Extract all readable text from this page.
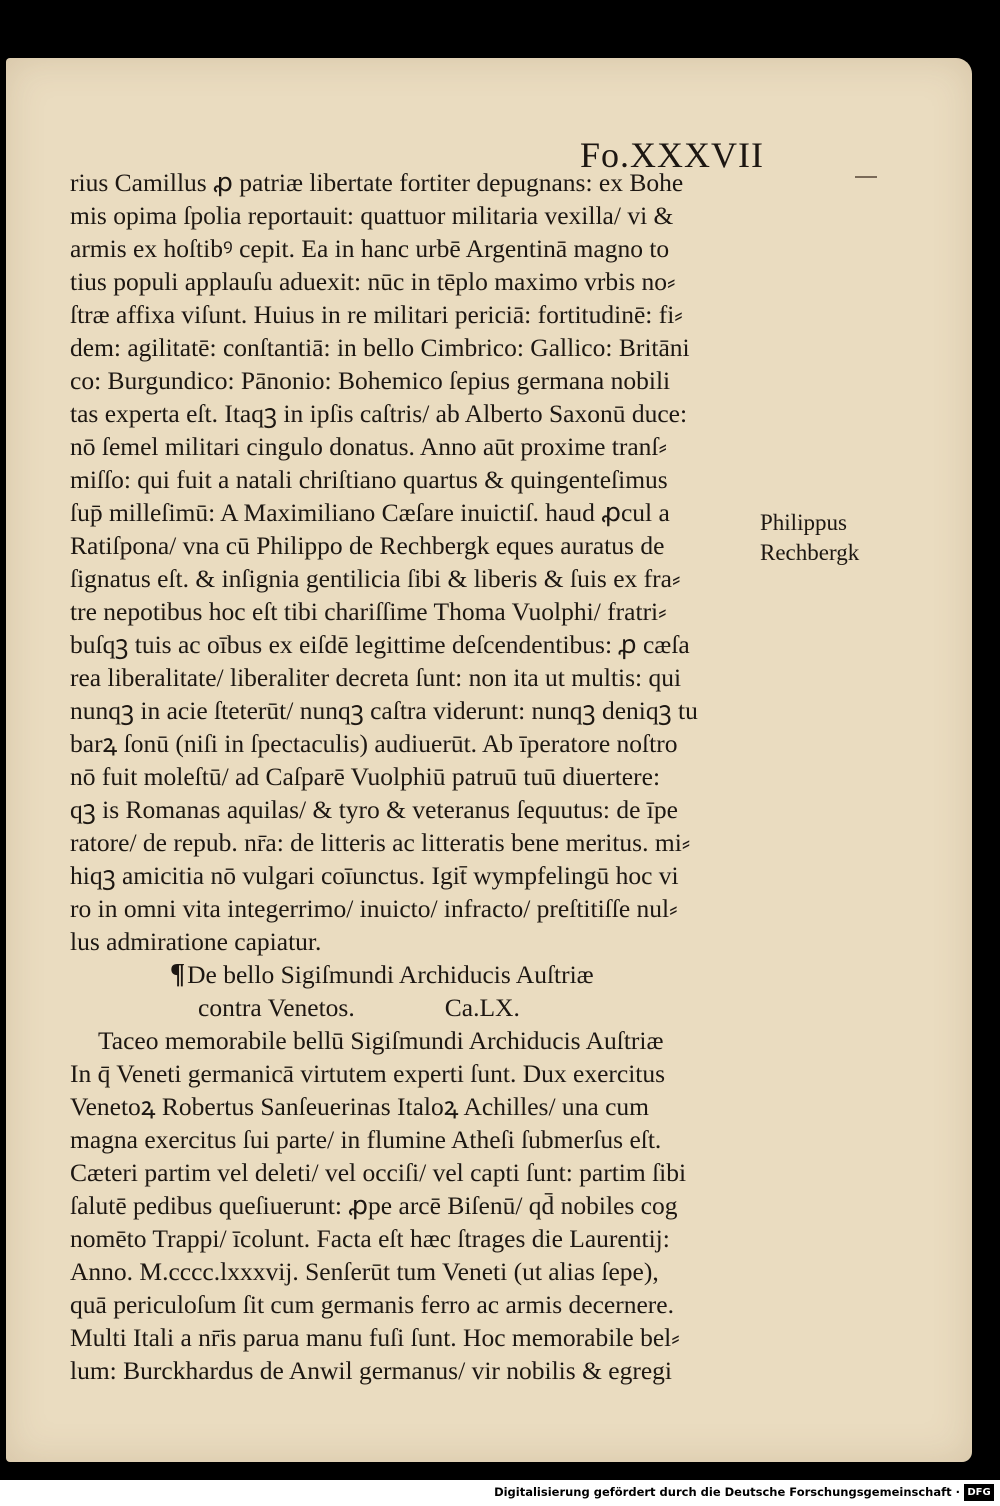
Fo.XXXVII
rius Camillus ꝓ patriæ libertate fortiter depugnans: ex Bohe
mis opima ſpolia reportauit: quattuor militaria vexilla/ vi &
armis ex hoſtibꝰ cepit. Ea in hanc urbē Argentinā magno to
tius populi applauſu aduexit: nūc in tēplo maximo vrbis no⸗
ſtræ affixa viſunt. Huius in re militari periciā: fortitudinē: fi⸗
dem: agilitatē: conſtantiā: in bello Cimbrico: Gallico: Britāni
co: Burgundico: Pānonio: Bohemico ſepius germana nobili
tas experta eſt. Itaqꝫ in ipſis caſtris/ ab Alberto Saxonū duce:
nō ſemel militari cingulo donatus. Anno aūt proxime tranſ⸗
miſſo: qui fuit a natali chriſtiano quartus & quingenteſimus
ſup̄ milleſimū: A Maximiliano Cæſare inuictiſ. haud ꝓcul a
Ratiſpona/ vna cū Philippo de Rechbergk eques auratus de
ſignatus eſt. & inſignia gentilicia ſibi & liberis & ſuis ex fra⸗
tre nepotibus hoc eſt tibi chariſſime Thoma Vuolphi/ fratri⸗
buſqꝫ tuis ac oībus ex eiſdē legittime deſcendentibus: ꝓ cæſa
rea liberalitate/ liberaliter decreta ſunt: non ita ut multis: qui
nunqꝫ in acie ſteterūt/ nunqꝫ caſtra viderunt: nunqꝫ deniqꝫ tu
barꝝ ſonū (niſi in ſpectaculis) audiuerūt. Ab īperatore noſtro
nō fuit moleſtū/ ad Caſparē Vuolphiū patruū tuū diuertere:
qꝫ is Romanas aquilas/ & tyro & veteranus ſequutus: de īpe
ratore/ de repub. nr̄a: de litteris ac litteratis bene meritus. mi⸗
hiqꝫ amicitia nō vulgari coīunctus. Igit̄ wympfelingū hoc vi
ro in omni vita integerrimo/ inuicto/ infracto/ preſtitiſſe nul⸗
lus admiratione capiatur.
¶De bello Sigiſmundi Archiducis Auſtriæ
contra Venetos.	Ca.LX.
Taceo memorabile bellū Sigiſmundi Archiducis Auſtriæ
In q̄ Veneti germanicā virtutem experti ſunt. Dux exercitus
Venetoꝝ Robertus Sanſeuerinas Italoꝝ Achilles/ una cum
magna exercitus ſui parte/ in flumine Atheſi ſubmerſus eſt.
Cæteri partim vel deleti/ vel occiſi/ vel capti ſunt: partim ſibi
ſalutē pedibus queſiuerunt: ꝓpe arcē Biſenū/ qd̄ nobiles cog
nomēto Trappi/ īcolunt. Facta eſt hæc ſtrages die Laurentij:
Anno. M.cccc.lxxxvij. Senſerūt tum Veneti (ut alias ſepe),
quā periculoſum ſit cum germanis ferro ac armis decernere.
Multi Itali a nr̄is parua manu fuſi ſunt. Hoc memorabile bel⸗
lum: Burckhardus de Anwil germanus/ vir nobilis & egregi
Philippus
Rechbergk
Digitalisierung gefördert durch die Deutsche Forschungsgemeinschaft · DFG
